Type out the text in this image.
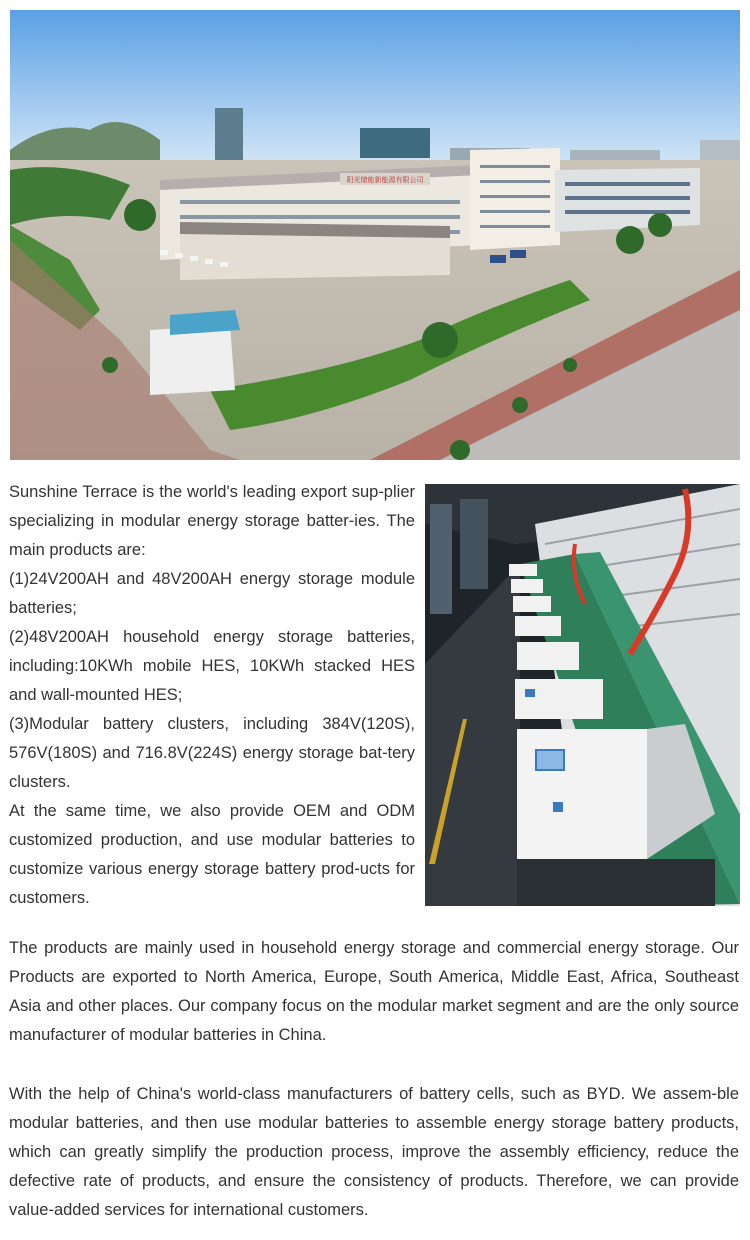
阳光储能新能源有限公司

Sunshine Terrace is the world's leading export sup-plier specializing in modular energy storage batter-ies. The main products are:

(1)24V200AH and 48V200AH energy storage module batteries;

(2)48V200AH household energy storage batteries, including:10KWh mobile HES, 10KWh stacked HES and wall-mounted HES;

(3)Modular battery clusters, including 384V(120S), 576V(180S) and 716.8V(224S) energy storage bat-tery clusters.

At the same time, we also provide OEM and ODM customized production, and use modular batteries to customize various energy storage battery prod-ucts for customers.

The products are mainly used in household energy storage and commercial energy storage. Our Products are exported to North America, Europe, South America, Middle East, Africa, Southeast Asia and other places. Our company focus on the modular market segment and are the only source manufacturer of modular batteries in China.

With the help of China's world-class manufacturers of battery cells, such as BYD. We assem-ble modular batteries, and then use modular batteries to assemble energy storage battery products, which can greatly simplify the production process, improve the assembly efficiency, reduce the defective rate of products, and ensure the consistency of products. Therefore, we can provide value-added services for international customers.
